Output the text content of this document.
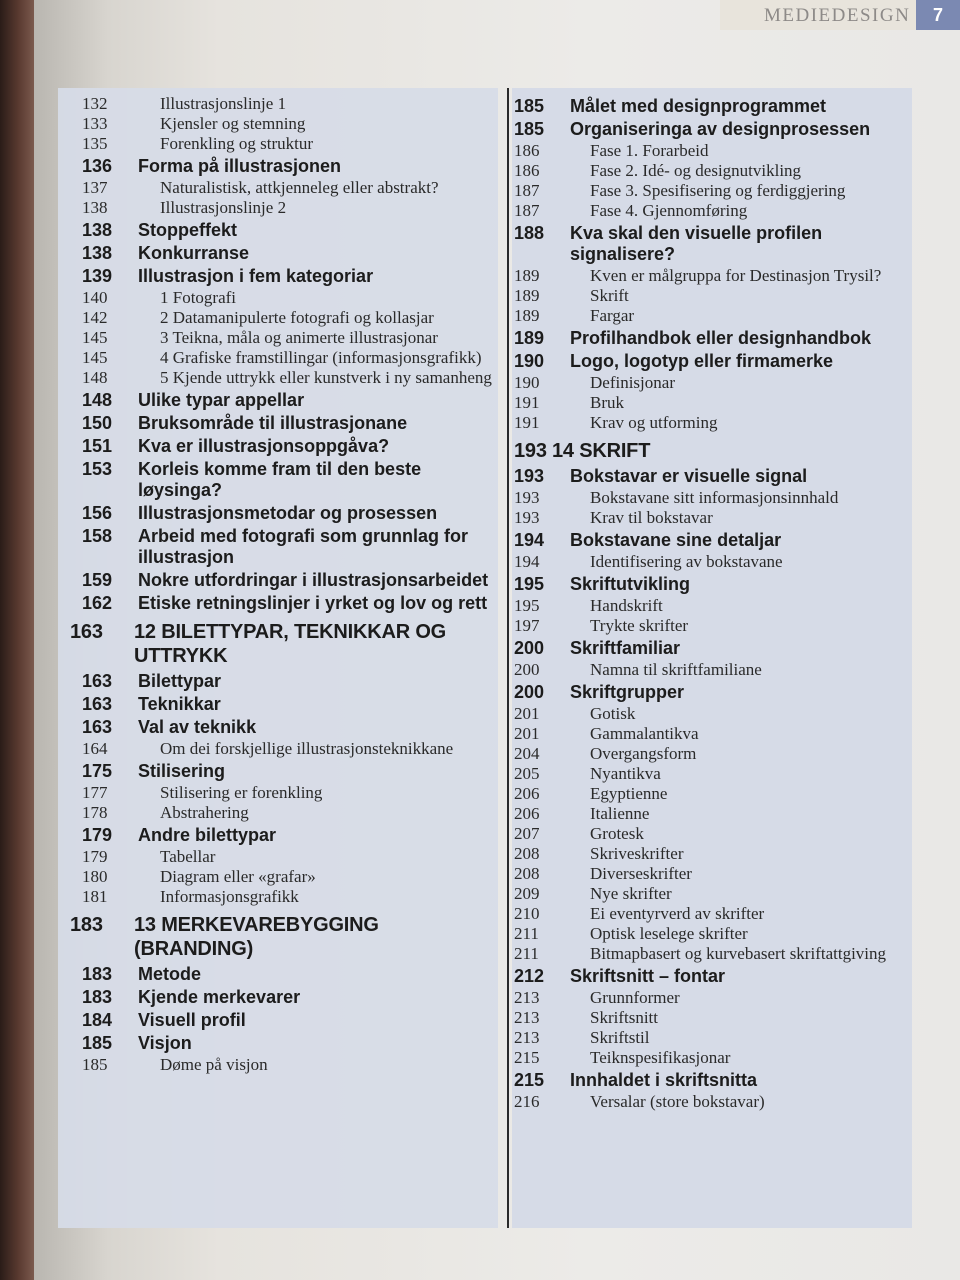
MEDIEDESIGN	7
132	Illustrasjonslinje 1
133	Kjensler og stemning
135	Forenkling og struktur
136	Forma på illustrasjonen
137	Naturalistisk, attkjenneleg eller abstrakt?
138	Illustrasjonslinje 2
138	Stoppeffekt
138	Konkurranse
139	Illustrasjon i fem kategoriar
140	1 Fotografi
142	2 Datamanipulerte fotografi og kollasjar
145	3 Teikna, måla og animerte illustrasjonar
145	4 Grafiske framstillingar (informasjonsgrafikk)
148	5 Kjende uttrykk eller kunstverk i ny samanheng
148	Ulike typar appellar
150	Bruksområde til illustrasjonane
151	Kva er illustrasjonsoppgåva?
153	Korleis komme fram til den beste løysinga?
156	Illustrasjonsmetodar og prosessen
158	Arbeid med fotografi som grunnlag for illustrasjon
159	Nokre utfordringar i illustrasjonsarbeidet
162	Etiske retningslinjer i yrket og lov og rett
163	12 BILETTYPAR, TEKNIKKAR OG UTTRYKK
163	Bilettypar
163	Teknikkar
163	Val av teknikk
164	Om dei forskjellige illustrasjonsteknikkane
175	Stilisering
177	Stilisering er forenkling
178	Abstrahering
179	Andre bilettypar
179	Tabellar
180	Diagram eller «grafar»
181	Informasjonsgrafikk
183	13 MERKEVAREBYGGING (BRANDING)
183	Metode
183	Kjende merkevarer
184	Visuell profil
185	Visjon
185	Døme på visjon
185	Målet med designprogrammet
185	Organiseringa av designprosessen
186	Fase 1. Forarbeid
186	Fase 2. Idé- og designutvikling
187	Fase 3. Spesifisering og ferdiggjering
187	Fase 4. Gjennomføring
188	Kva skal den visuelle profilen signalisere?
189	Kven er målgruppa for Destinasjon Trysil?
189	Skrift
189	Fargar
189	Profilhandbok eller designhandbok
190	Logo, logotyp eller firmamerke
190	Definisjonar
191	Bruk
191	Krav og utforming
193 14 SKRIFT
193	Bokstavar er visuelle signal
193	Bokstavane sitt informasjonsinnhald
193	Krav til bokstavar
194	Bokstavane sine detaljar
194	Identifisering av bokstavane
195	Skriftutvikling
195	Handskrift
197	Trykte skrifter
200	Skriftfamiliar
200	Namna til skriftfamiliane
200	Skriftgrupper
201	Gotisk
201	Gammalantikva
204	Overgangsform
205	Nyantikva
206	Egyptienne
206	Italienne
207	Grotesk
208	Skriveskrifter
208	Diverseskrifter
209	Nye skrifter
210	Ei eventyrverd av skrifter
211	Optisk leselege skrifter
211	Bitmapbasert og kurvebasert skriftattgiving
212	Skriftsnitt – fontar
213	Grunnformer
213	Skriftsnitt
213	Skriftstil
215	Teiknspesifikasjonar
215	Innhaldet i skriftsnitta
216	Versalar (store bokstavar)
